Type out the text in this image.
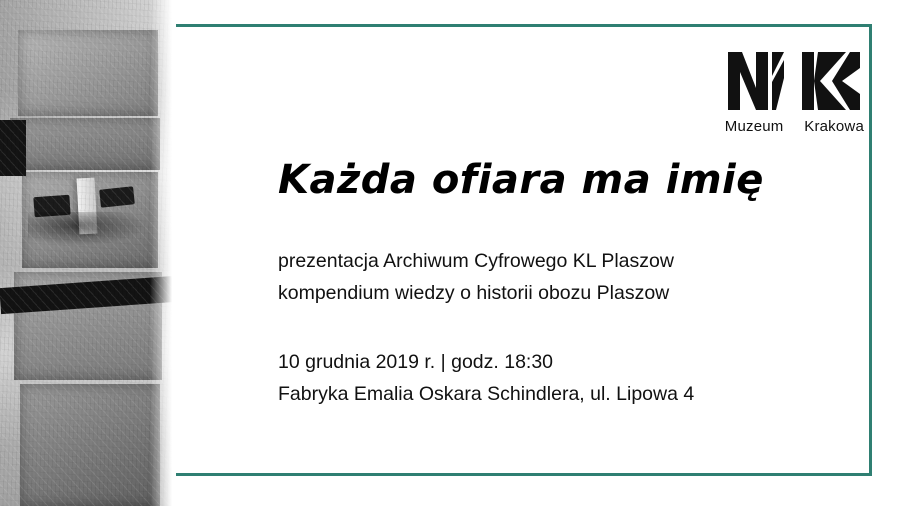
Muzeum Krakowa
Każda ofiara ma imię

prezentacja Archiwum Cyfrowego KL Plaszow
kompendium wiedzy o historii obozu Plaszow

10 grudnia 2019 r. | godz. 18:30
Fabryka Emalia Oskara Schindlera, ul. Lipowa 4
